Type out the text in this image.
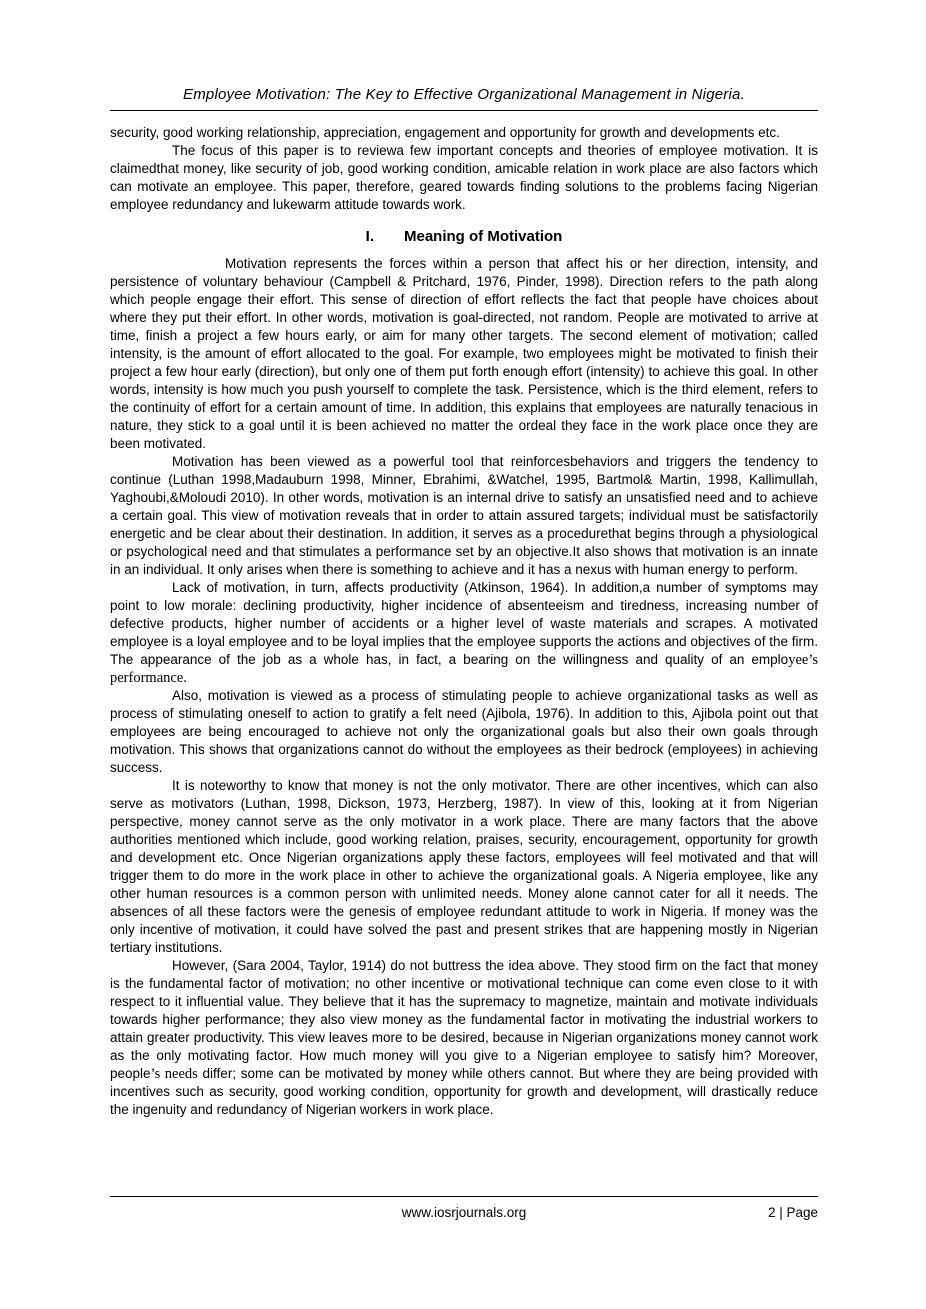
Employee Motivation: The Key to Effective Organizational Management in Nigeria.

security, good working relationship, appreciation, engagement and opportunity for growth and developments etc.

The focus of this paper is to reviewa few important concepts and theories of employee motivation. It is claimedthat money, like security of job, good working condition, amicable relation in work place are also factors which can motivate an employee. This paper, therefore, geared towards finding solutions to the problems facing Nigerian employee redundancy and lukewarm attitude towards work.

I. Meaning of Motivation

Motivation represents the forces within a person that affect his or her direction, intensity, and persistence of voluntary behaviour (Campbell & Pritchard, 1976, Pinder, 1998). Direction refers to the path along which people engage their effort. This sense of direction of effort reflects the fact that people have choices about where they put their effort. In other words, motivation is goal-directed, not random. People are motivated to arrive at time, finish a project a few hours early, or aim for many other targets. The second element of motivation; called intensity, is the amount of effort allocated to the goal. For example, two employees might be motivated to finish their project a few hour early (direction), but only one of them put forth enough effort (intensity) to achieve this goal. In other words, intensity is how much you push yourself to complete the task. Persistence, which is the third element, refers to the continuity of effort for a certain amount of time. In addition, this explains that employees are naturally tenacious in nature, they stick to a goal until it is been achieved no matter the ordeal they face in the work place once they are been motivated.

Motivation has been viewed as a powerful tool that reinforcesbehaviors and triggers the tendency to continue (Luthan 1998,Madauburn 1998, Minner, Ebrahimi, &Watchel, 1995, Bartmol& Martin, 1998, Kallimullah, Yaghoubi,&Moloudi 2010). In other words, motivation is an internal drive to satisfy an unsatisfied need and to achieve a certain goal. This view of motivation reveals that in order to attain assured targets; individual must be satisfactorily energetic and be clear about their destination. In addition, it serves as a procedurethat begins through a physiological or psychological need and that stimulates a performance set by an objective.It also shows that motivation is an innate in an individual. It only arises when there is something to achieve and it has a nexus with human energy to perform.

Lack of motivation, in turn, affects productivity (Atkinson, 1964). In addition,a number of symptoms may point to low morale: declining productivity, higher incidence of absenteeism and tiredness, increasing number of defective products, higher number of accidents or a higher level of waste materials and scrapes. A motivated employee is a loyal employee and to be loyal implies that the employee supports the actions and objectives of the firm. The appearance of the job as a whole has, in fact, a bearing on the willingness and quality of an employee’s performance.

Also, motivation is viewed as a process of stimulating people to achieve organizational tasks as well as process of stimulating oneself to action to gratify a felt need (Ajibola, 1976). In addition to this, Ajibola point out that employees are being encouraged to achieve not only the organizational goals but also their own goals through motivation. This shows that organizations cannot do without the employees as their bedrock (employees) in achieving success.

It is noteworthy to know that money is not the only motivator. There are other incentives, which can also serve as motivators (Luthan, 1998, Dickson, 1973, Herzberg, 1987). In view of this, looking at it from Nigerian perspective, money cannot serve as the only motivator in a work place. There are many factors that the above authorities mentioned which include, good working relation, praises, security, encouragement, opportunity for growth and development etc. Once Nigerian organizations apply these factors, employees will feel motivated and that will trigger them to do more in the work place in other to achieve the organizational goals. A Nigeria employee, like any other human resources is a common person with unlimited needs. Money alone cannot cater for all it needs. The absences of all these factors were the genesis of employee redundant attitude to work in Nigeria. If money was the only incentive of motivation, it could have solved the past and present strikes that are happening mostly in Nigerian tertiary institutions.

However, (Sara 2004, Taylor, 1914) do not buttress the idea above. They stood firm on the fact that money is the fundamental factor of motivation; no other incentive or motivational technique can come even close to it with respect to it influential value. They believe that it has the supremacy to magnetize, maintain and motivate individuals towards higher performance; they also view money as the fundamental factor in motivating the industrial workers to attain greater productivity. This view leaves more to be desired, because in Nigerian organizations money cannot work as the only motivating factor. How much money will you give to a Nigerian employee to satisfy him? Moreover, people’s needs differ; some can be motivated by money while others cannot. But where they are being provided with incentives such as security, good working condition, opportunity for growth and development, will drastically reduce the ingenuity and redundancy of Nigerian workers in work place.

www.iosrjournals.org	2 | Page
